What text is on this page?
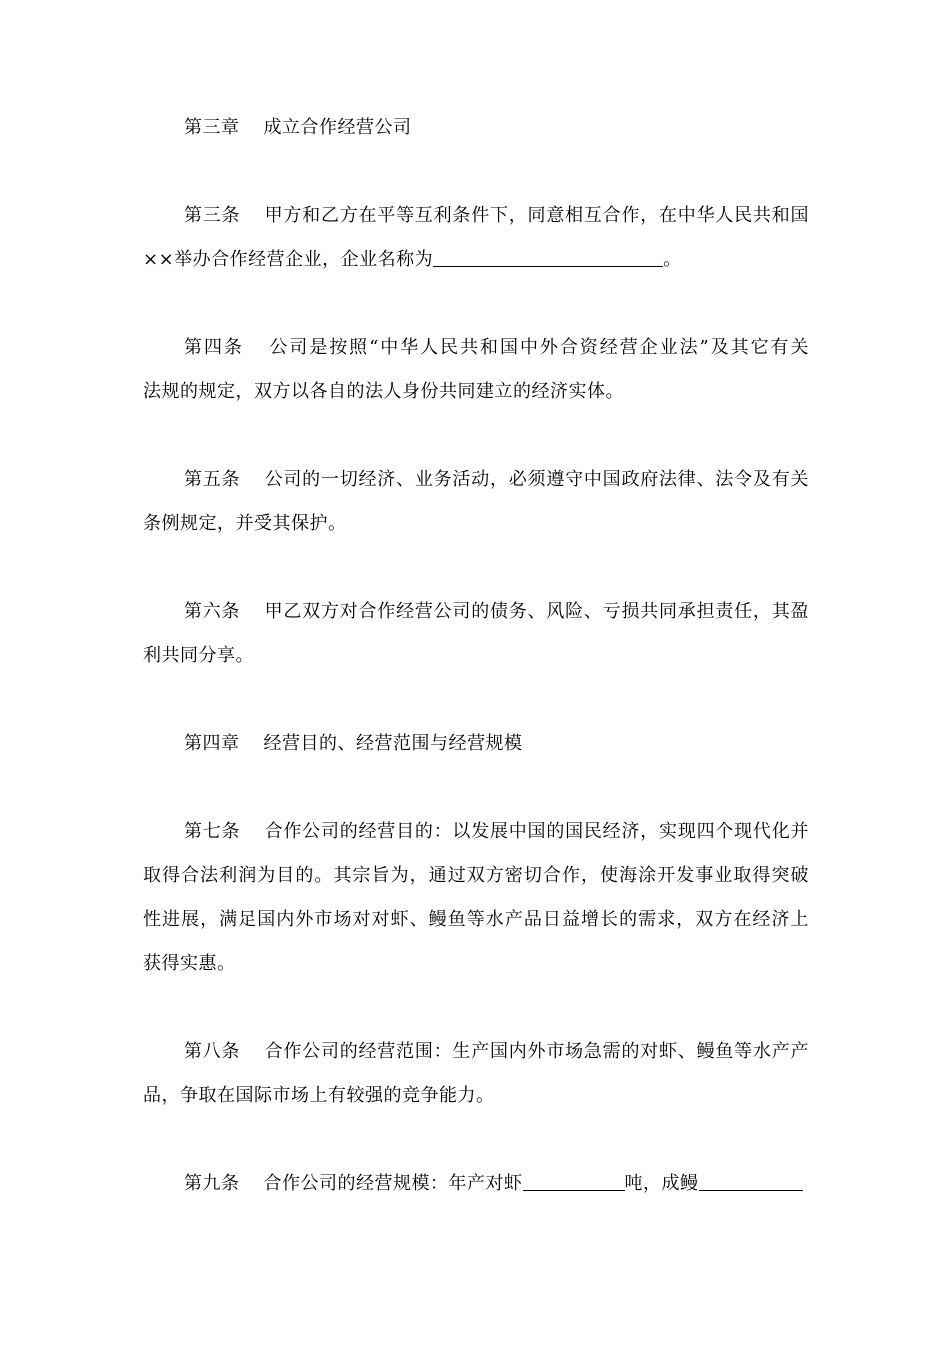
第三章 成立合作经营公司
第三条 甲方和乙方在平等互利条件下，同意相互合作，在中华人民共和国
××举办合作经营企业，企业名称为	。
第四条 公司是按照“中华人民共和国中外合资经营企业法”及其它有关
法规的规定，双方以各自的法人身份共同建立的经济实体。
第五条 公司的一切经济、业务活动，必须遵守中国政府法律、法令及有关
条例规定，并受其保护。
第六条 甲乙双方对合作经营公司的债务、风险、亏损共同承担责任，其盈
利共同分享。
第四章 经营目的、经营范围与经营规模
第七条 合作公司的经营目的：以发展中国的国民经济，实现四个现代化并
取得合法利润为目的。其宗旨为，通过双方密切合作，使海涂开发事业取得突破
性进展，满足国内外市场对对虾、鳗鱼等水产品日益增长的需求，双方在经济上
获得实惠。
第八条 合作公司的经营范围：生产国内外市场急需的对虾、鳗鱼等水产产
品，争取在国际市场上有较强的竞争能力。
第九条 合作公司的经营规模：年产对虾	吨，成鳗
